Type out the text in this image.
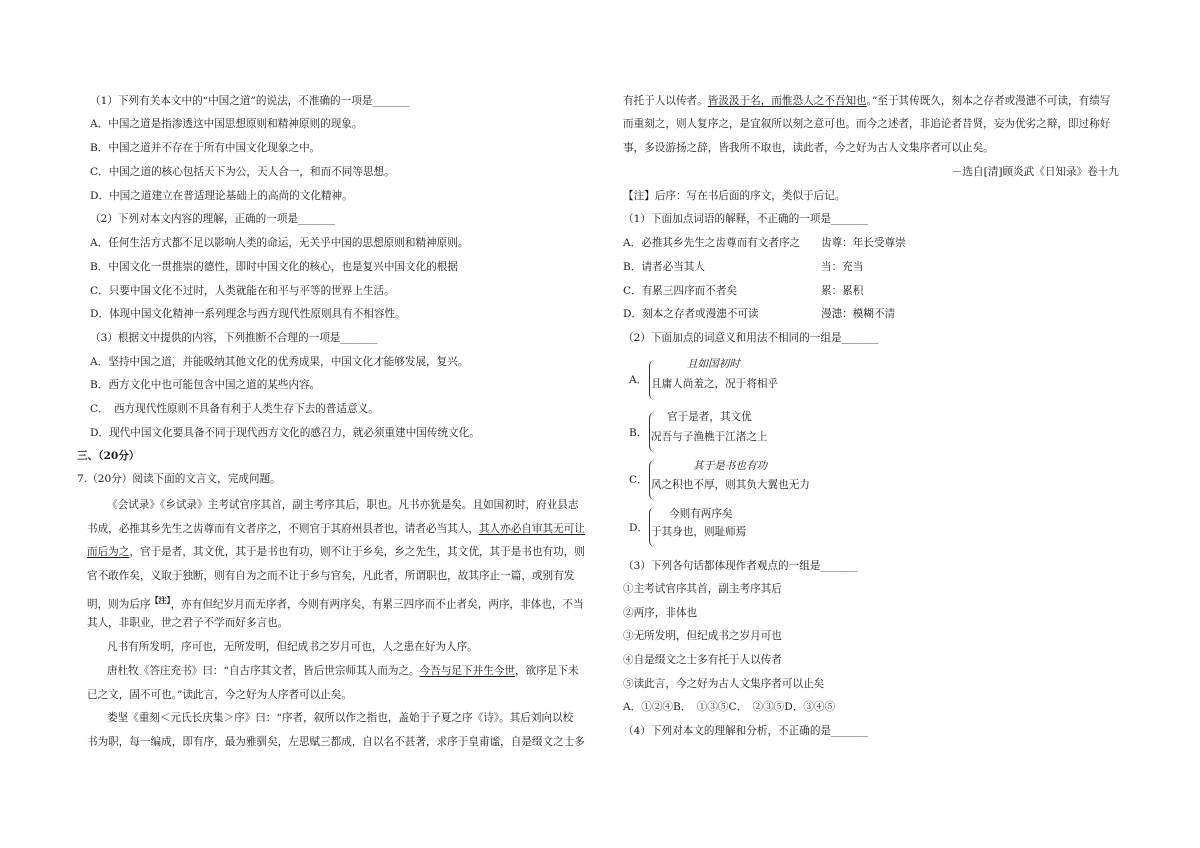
（1）下列有关本文中的“中国之道”的说法，不准确的一项是_______
A．中国之道是指渗透这中国思想原则和精神原则的现象。
B．中国之道并不存在于所有中国文化现象之中。
C．中国之道的核心包括天下为公，天人合一，和而不同等思想。
D．中国之道建立在普适理论基础上的高尚的文化精神。
（2）下列对本文内容的理解，正确的一项是_______
A．任何生活方式都不足以影响人类的命运，无关乎中国的思想原则和精神原则。
B．中国文化一贯推崇的德性，即时中国文化的核心，也是复兴中国文化的根据
C．只要中国文化不过时，人类就能在和平与平等的世界上生活。
D．体现中国文化精神一系列理念与西方现代性原则具有不相容性。
（3）根据文中提供的内容，下列推断不合理的一项是_______
A．坚持中国之道，并能吸纳其他文化的优秀成果，中国文化才能够发展，复兴。
B．西方文化中也可能包含中国之道的某些内容。
C．　西方现代性原则不具备有利于人类生存下去的普适意义。
D．现代中国文化要具备不同于现代西方文化的感召力，就必须重建中国传统文化。
三、（20分）
7.（20分）阅读下面的文言文，完成问题。
《会试录》《乡试录》主考试官序其首，副主考序其后，职也。凡书亦犹是矣。且如国初时，府业县志
书成，必推其乡先生之齿尊而有文者序之，不则官于其府州县者也，请者必当其人，其人亦必自审其无可让
而后为之，官于是者，其文优，其于是书也有功，则不让于乡矣，乡之先生，其文优，其于是书也有功，则
官不敢作矣，义取于独断，则有自为之而不让于乡与官矣，凡此者，所谓职也，故其序止一篇，或别有发
明，则为后序$^{【注】}$，亦有但纪岁月而无序者，今则有两序矣，有累三四序而不止者矣，两序，非体也，不当
其人，非职业，世之君子不学而好多言也。
凡书有所发明，序可也，无所发明，但纪成书之岁月可也，人之患在好为人序。
唐杜牧《答庄充书》曰：“自古序其文者，皆后世宗师其人而为之。今吾与足下并生今世，欲序足下未
已之文，固不可也。”读此言，今之好为人序者可以止矣。
娄坚《重刻＜元氏长庆集＞序》曰：“序者，叙所以作之指也，盖始于子夏之序《诗》。其后刘向以校
书为职，每一编成，即有序，最为雅驯矣，左思赋三都成，自以名不甚著，求序于皇甫谧，自是缀文之士多
有托于人以传者。皆汲汲于名，而惟恐人之不吾知也。”至于其传既久，刻本之存者或漫漶不可读，有绩写
而重刻之，则人复序之，是宜叙所以刻之意可也。而今之述者，非追论者昔贤，妄为优劣之辩，即过称好
事，多设游扬之辞，皆我所不取也，读此者，今之好为古人文集序者可以止矣。
－选自[清]顾炎武《日知录》卷十九
【注】后序：写在书后面的序文，类似于后记。
（1）下面加点词语的解释，不正确的一项是_______
A．必推其乡先生之齿尊而有文者序之 齿尊：年长受尊崇
B．请者必当其人	当：充当
C．有累三四序而不者矣	累：累积
D．刻本之存者或漫漶不可读	漫漶：模糊不清
（2）下面加点的词意义和用法不相同的一组是_______
A．
且如国初时
且庸人尚羞之，况于将相乎
B．
官于是者，其文优
况吾与子渔樵于江渚之上
C．
其于是书也有功
风之积也不厚，则其负大翼也无力
D．
今则有两序矣
于其身也，则耻师焉
（3）下列各句话都体现作者观点的一组是_______
①主考试官序其首，副主考序其后
②两序，非体也
③无所发明，但纪成书之岁月可也
④自是缀文之士多有托于人以传者
⑤读此言，今之好为古人文集序者可以止矣
A．①②④B．　①③⑤C．　②③⑤D．③④⑤
（4）下列对本文的理解和分析，不正确的是_______
